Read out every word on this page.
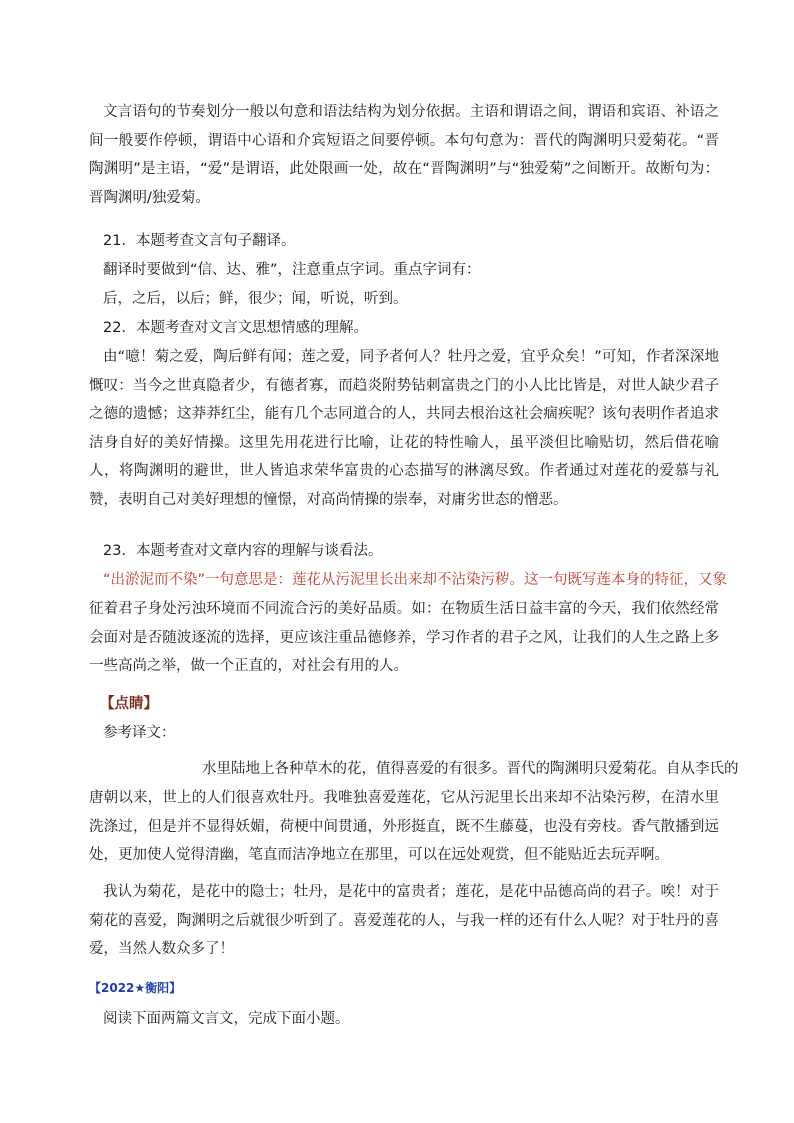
文言语句的节奏划分一般以句意和语法结构为划分依据。主语和谓语之间，谓语和宾语、补语之间一般要作停顿，谓语中心语和介宾短语之间要停顿。本句句意为：晋代的陶渊明只爱菊花。“晋陶渊明”是主语，“爱”是谓语，此处限画一处，故在“晋陶渊明”与“独爱菊”之间断开。故断句为：晋陶渊明/独爱菊。

21．本题考查文言句子翻译。

翻译时要做到“信、达、雅”，注意重点字词。重点字词有：

后，之后，以后；鲜，很少；闻，听说，听到。

22．本题考查对文言文思想情感的理解。

由“噫！菊之爱，陶后鲜有闻；莲之爱，同予者何人？牡丹之爱，宜乎众矣！”可知，作者深深地慨叹：当今之世真隐者少，有德者寡，而趋炎附势钻刺富贵之门的小人比比皆是，对世人缺少君子之德的遗憾；这莽莽红尘，能有几个志同道合的人，共同去根治这社会痼疾呢？该句表明作者追求洁身自好的美好情操。这里先用花进行比喻，让花的特性喻人，虽平淡但比喻贴切，然后借花喻人，将陶渊明的避世，世人皆追求荣华富贵的心态描写的淋漓尽致。作者通过对莲花的爱慕与礼赞，表明自己对美好理想的憧憬，对高尚情操的崇奉，对庸劣世态的憎恶。

23．本题考查对文章内容的理解与谈看法。

“出淤泥而不染”一句意思是：莲花从污泥里长出来却不沾染污秽。这一句既写莲本身的特征，又象

征着君子身处污浊环境而不同流合污的美好品质。如：在物质生活日益丰富的今天，我们依然经常会面对是否随波逐流的选择，更应该注重品德修养，学习作者的君子之风，让我们的人生之路上多一些高尚之举，做一个正直的，对社会有用的人。

【点睛】

参考译文：

水里陆地上各种草木的花，值得喜爱的有很多。晋代的陶渊明只爱菊花。自从李氏的

唐朝以来，世上的人们很喜欢牡丹。我唯独喜爱莲花，它从污泥里长出来却不沾染污秽，在清水里洗涤过，但是并不显得妖媚，荷梗中间贯通，外形挺直，既不生藤蔓，也没有旁枝。香气散播到远处，更加使人觉得清幽，笔直而洁净地立在那里，可以在远处观赏，但不能贴近去玩弄啊。

我认为菊花，是花中的隐士；牡丹，是花中的富贵者；莲花，是花中品德高尚的君子。唉！对于菊花的喜爱，陶渊明之后就很少听到了。喜爱莲花的人，与我一样的还有什么人呢？对于牡丹的喜爱，当然人数众多了！

【2022★衡阳】

阅读下面两篇文言文，完成下面小题。
